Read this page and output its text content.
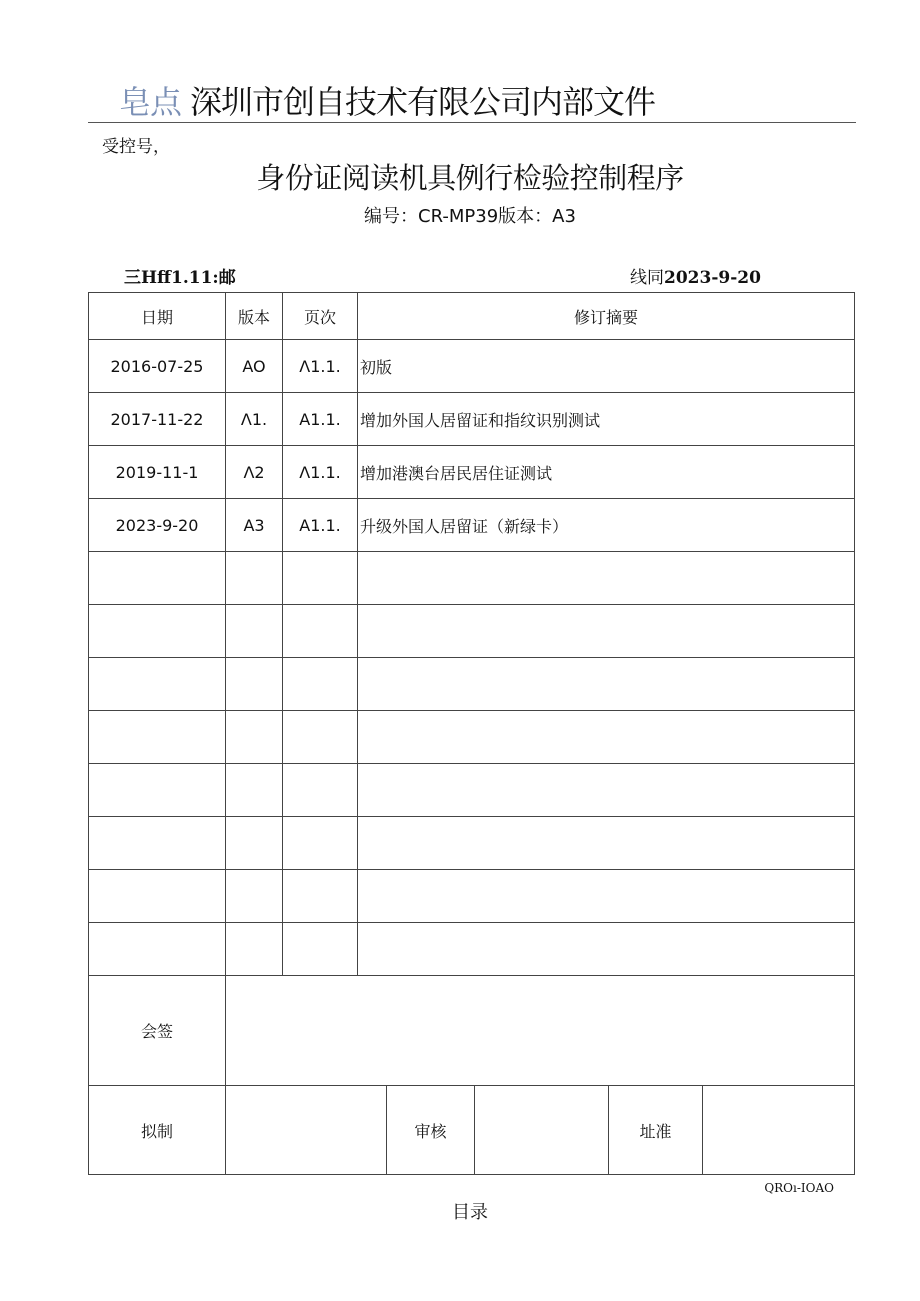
皂点 深圳市创自技术有限公司内部文件
受控号，
身份证阅读机具例行检验控制程序
编号：CR-MP39版本：A3
三Hff1.11:邮	线同2023-9-20
日期	版本	页次	修订摘要				
2016-07-25	AO	Λ1.1.	初版				
2017-11-22	Λ1.	A1.1.	增加外国人居留证和指纹识别测试				
2019-11-1	Λ2	Λ1.1.	增加港澳台居民居住证测试				
2023-9-20	A3	A1.1.	升级外国人居留证（新绿卡）				

会签							
拟制				审核		址准	
QROı-IOAO
目录
